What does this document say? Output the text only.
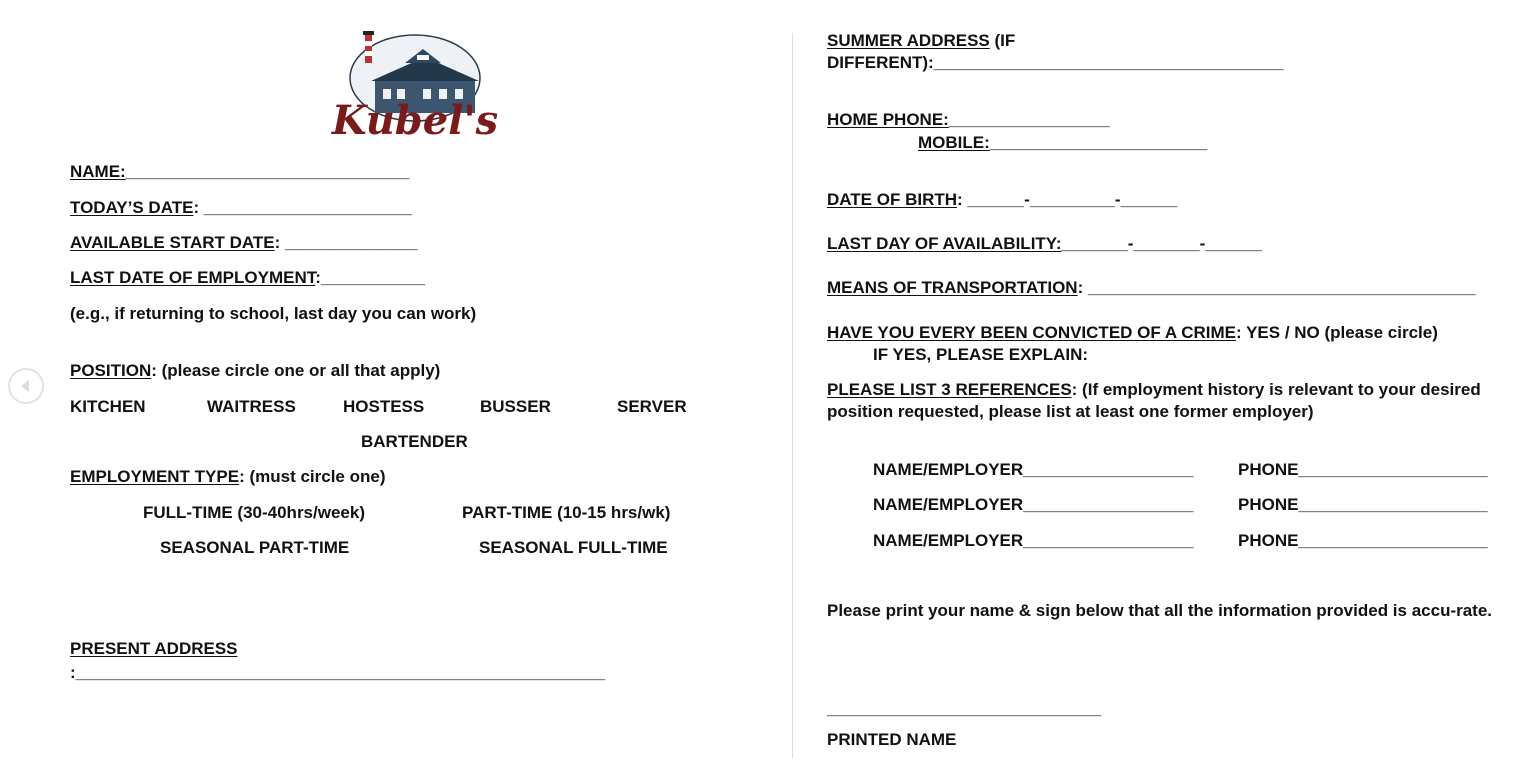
Kubel's
NAME:______________________________
TODAY’S DATE: ______________________
AVAILABLE START DATE: ______________
LAST DATE OF EMPLOYMENT:___________
(e.g., if returning to school, last day you can work)
POSITION: (please circle one or all that apply)
KITCHEN	WAITRESS	HOSTESS	BUSSER	SERVER
BARTENDER
EMPLOYMENT TYPE: (must circle one)
FULL-TIME (30-40hrs/week)	PART-TIME (10-15 hrs/wk)
SEASONAL PART-TIME	SEASONAL FULL-TIME
PRESENT ADDRESS
:________________________________________________________
SUMMER ADDRESS (IF
DIFFERENT):_____________________________________
HOME PHONE:_________________
MOBILE:_______________________
DATE OF BIRTH: ______-_________-______
LAST DAY OF AVAILABILITY:_______-_______-______
MEANS OF TRANSPORTATION: _________________________________________
HAVE YOU EVERY BEEN CONVICTED OF A CRIME: YES / NO (please circle)
IF YES, PLEASE EXPLAIN:
PLEASE LIST 3 REFERENCES: (If employment history is relevant to your desired position requested, please list at least one former employer)
NAME/EMPLOYER__________________	PHONE____________________
NAME/EMPLOYER__________________	PHONE____________________
NAME/EMPLOYER__________________	PHONE____________________
Please print your name & sign below that all the information provided is accu-rate.
_____________________________
PRINTED NAME
